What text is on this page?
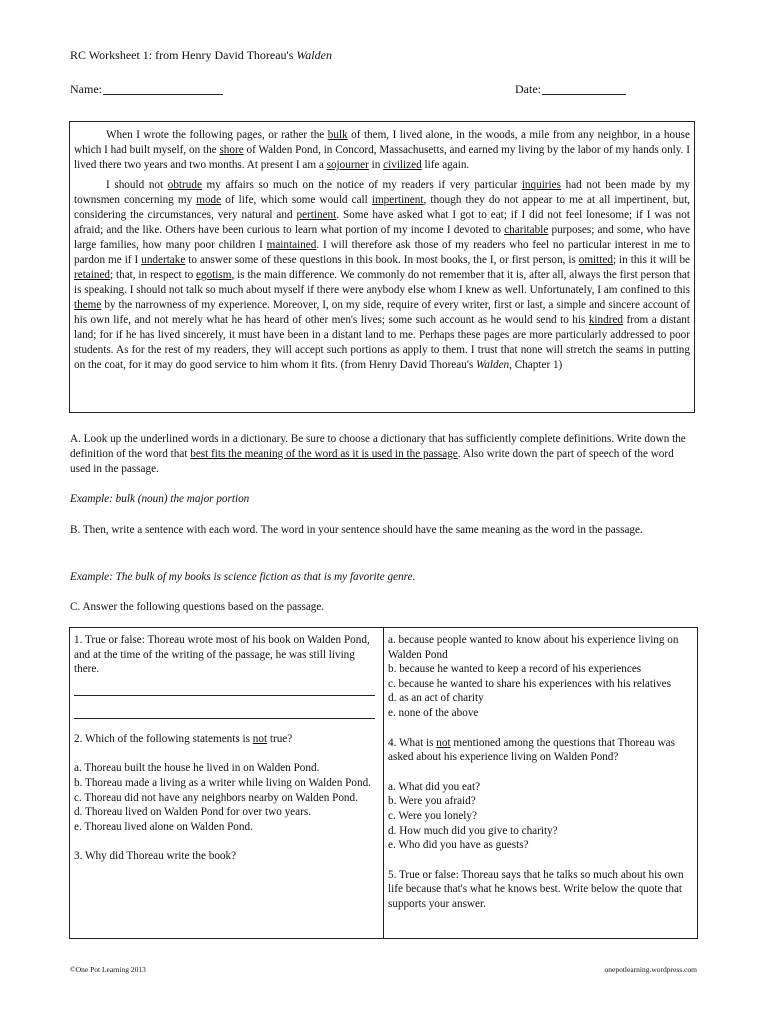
RC Worksheet 1: from Henry David Thoreau's Walden
Name:	Date:

When I wrote the following pages, or rather the bulk of them, I lived alone, in the woods, a mile from any neighbor, in a house which I had built myself, on the shore of Walden Pond, in Concord, Massachusetts, and earned my living by the labor of my hands only. I lived there two years and two months. At present I am a sojourner in civilized life again.

I should not obtrude my affairs so much on the notice of my readers if very particular inquiries had not been made by my townsmen concerning my mode of life, which some would call impertinent, though they do not appear to me at all impertinent, but, considering the circumstances, very natural and pertinent. Some have asked what I got to eat; if I did not feel lonesome; if I was not afraid; and the like. Others have been curious to learn what portion of my income I devoted to charitable purposes; and some, who have large families, how many poor children I maintained. I will therefore ask those of my readers who feel no particular interest in me to pardon me if I undertake to answer some of these questions in this book. In most books, the I, or first person, is omitted; in this it will be retained; that, in respect to egotism, is the main difference. We commonly do not remember that it is, after all, always the first person that is speaking. I should not talk so much about myself if there were anybody else whom I knew as well. Unfortunately, I am confined to this theme by the narrowness of my experience. Moreover, I, on my side, require of every writer, first or last, a simple and sincere account of his own life, and not merely what he has heard of other men's lives; some such account as he would send to his kindred from a distant land; for if he has lived sincerely, it must have been in a distant land to me. Perhaps these pages are more particularly addressed to poor students. As for the rest of my readers, they will accept such portions as apply to them. I trust that none will stretch the seams in putting on the coat, for it may do good service to him whom it fits. (from Henry David Thoreau's Walden, Chapter 1)

A. Look up the underlined words in a dictionary. Be sure to choose a dictionary that has sufficiently complete definitions. Write down the definition of the word that best fits the meaning of the word as it is used in the passage. Also write down the part of speech of the word used in the passage.
Example: bulk (noun) the major portion
B. Then, write a sentence with each word. The word in your sentence should have the same meaning as the word in the passage.
Example: The bulk of my books is science fiction as that is my favorite genre.
C. Answer the following questions based on the passage.
1. True or false: Thoreau wrote most of his book on Walden Pond, and at the time of the writing of the passage, he was still living there.
2. Which of the following statements is not true?
a. Thoreau built the house he lived in on Walden Pond.
b. Thoreau made a living as a writer while living on Walden Pond.
c. Thoreau did not have any neighbors nearby on Walden Pond.
d. Thoreau lived on Walden Pond for over two years.
e. Thoreau lived alone on Walden Pond.
3. Why did Thoreau write the book?
a. because people wanted to know about his experience living on Walden Pond
b. because he wanted to keep a record of his experiences
c. because he wanted to share his experiences with his relatives
d. as an act of charity
e. none of the above
4. What is not mentioned among the questions that Thoreau was asked about his experience living on Walden Pond?
a. What did you eat?
b. Were you afraid?
c. Were you lonely?
d. How much did you give to charity?
e. Who did you have as guests?
5. True or false: Thoreau says that he talks so much about his own life because that's what he knows best. Write below the quote that supports your answer.
©One Pot Learning 2013	onepotlearning.wordpress.com
